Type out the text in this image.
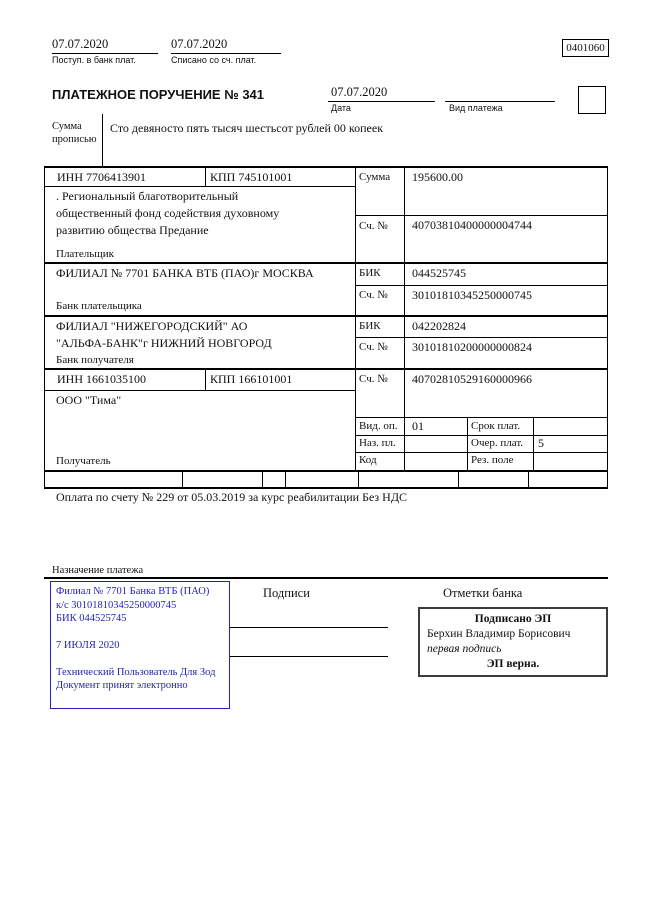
07.07.2020
Поступ. в банк плат.
07.07.2020
Списано со сч. плат.
0401060
ПЛАТЕЖНОЕ ПОРУЧЕНИЕ № 341	07.07.2020
Дата	Вид платежа
Сумма прописью
Сто девяносто пять тысяч шестьсот рублей 00 копеек
ИНН 7706413901	КПП 745101001	Сумма 195600.00
. Региональный благотворительный общественный фонд содействия духовному развитию общества Предание	Сч. № 40703810400000004744
Плательщик
ФИЛИАЛ № 7701 БАНКА ВТБ (ПАО)г МОСКВА	БИК	044525745
Сч. № 30101810345250000745
Банк плательщика
ФИЛИАЛ "НИЖЕГОРОДСКИЙ" АО "АЛЬФА-БАНК"г НИЖНИЙ НОВГОРОД
БИК	042202824
Сч. № 30101810200000000824
Банк получателя
ИНН 1661035100	КПП 166101001	Сч. № 40702810529160000966
ООО "Тима"
Получатель
Вид. оп. 01	Срок плат.
Наз. пл.	Очер. плат. 5
Код	Рез. поле
Оплата по счету № 229 от 05.03.2019 за курс реабилитации Без НДС
Назначение платежа
Филиал № 7701 Банка ВТБ (ПАО)
к/с 30101810345250000745
БИК 044525745
7 ИЮЛЯ 2020
Технический Пользователь Для Зод
Документ принят электронно
Подписи	Отметки банка
Подписано ЭП
Берхин Владимир Борисович
первая подпись
ЭП верна.
